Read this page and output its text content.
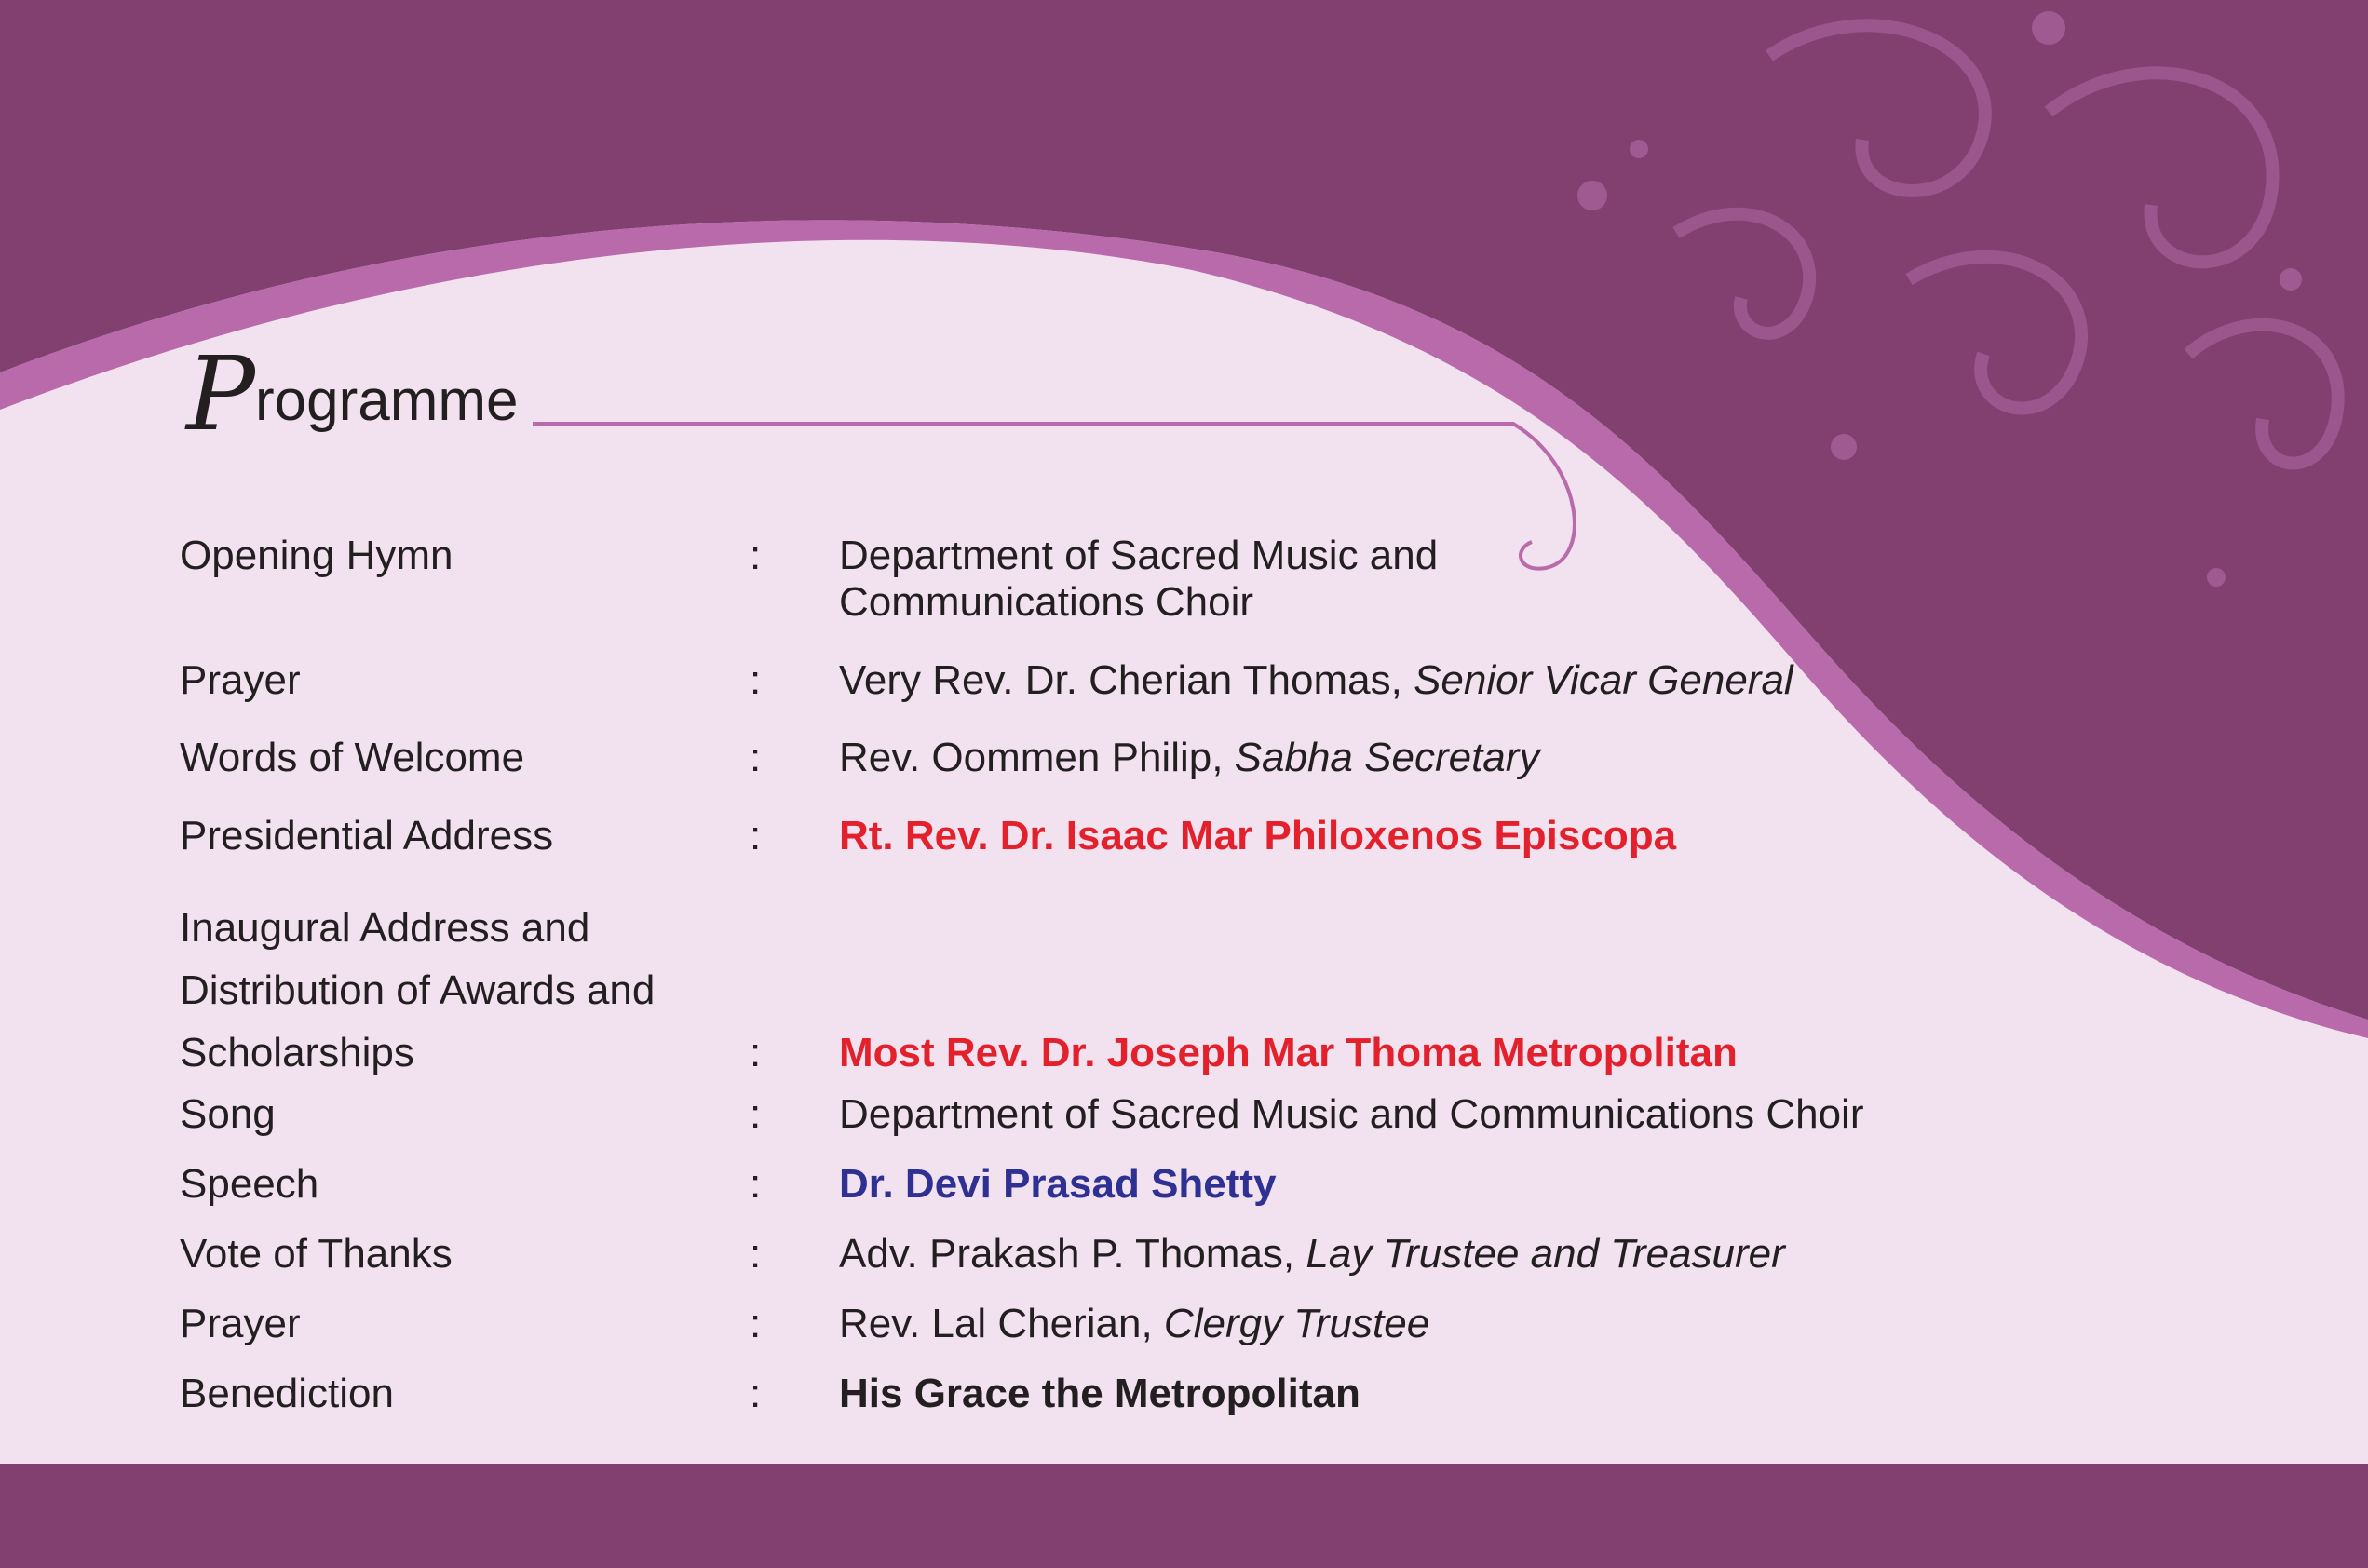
Programme
Opening Hymn	: Department of Sacred Music and
Communications Choir
Prayer	: Very Rev. Dr. Cherian Thomas, Senior Vicar General
Words of Welcome	: Rev. Oommen Philip, Sabha Secretary
Presidential Address	: Rt. Rev. Dr. Isaac Mar Philoxenos Episcopa
Inaugural Address and
Distribution of Awards and
Scholarships	: Most Rev. Dr. Joseph Mar Thoma Metropolitan
Song	: Department of Sacred Music and Communications Choir
Speech	: Dr. Devi Prasad Shetty
Vote of Thanks	: Adv. Prakash P. Thomas, Lay Trustee and Treasurer
Prayer	: Rev. Lal Cherian, Clergy Trustee
Benediction	: His Grace the Metropolitan
